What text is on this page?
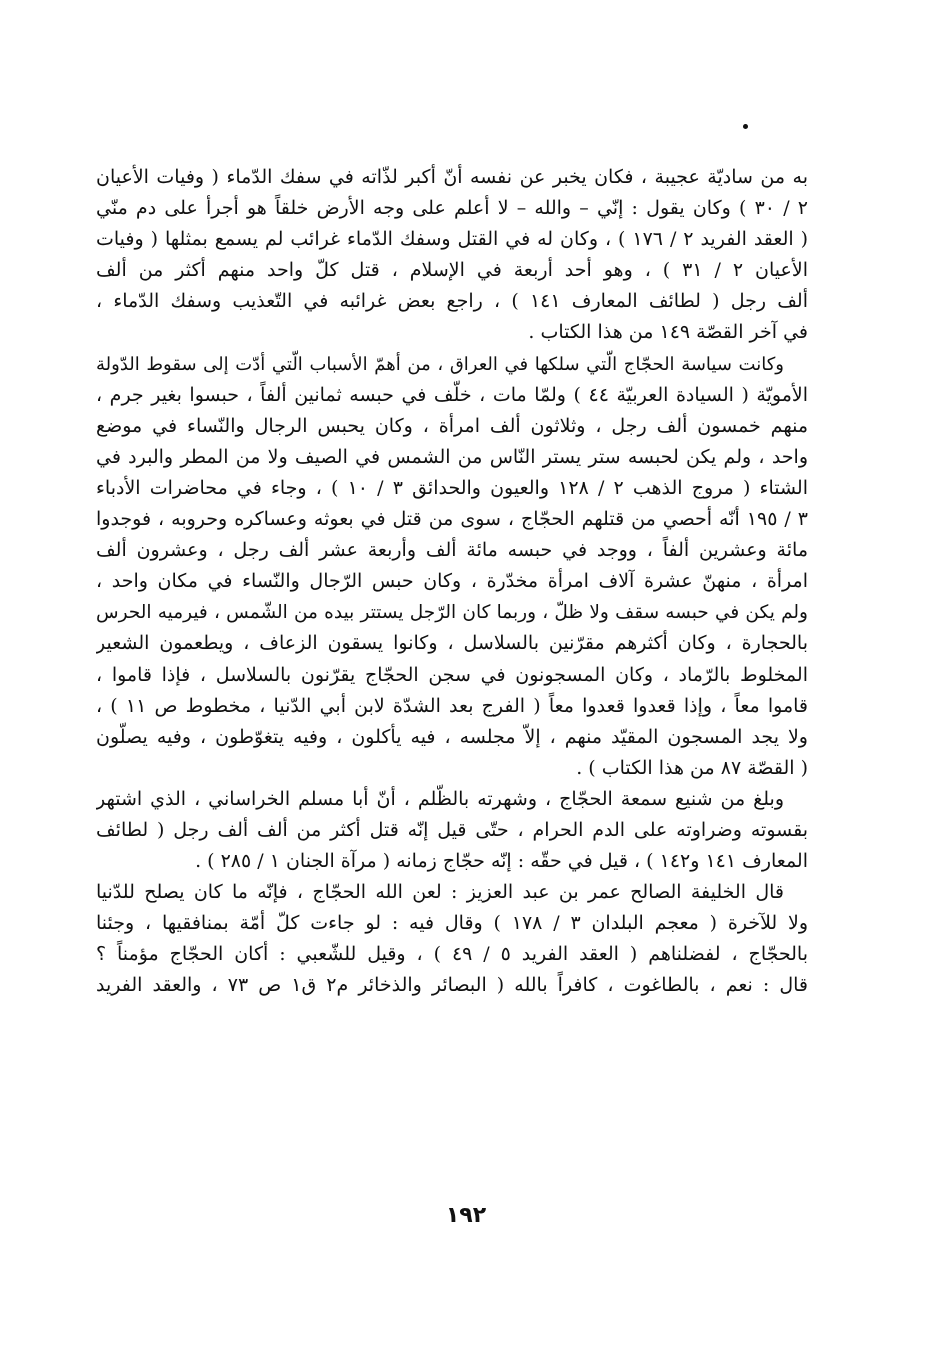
به من ساديّة عجيبة ، فكان يخبر عن نفسه أنّ أكبر لذّاته في سفك الدّماء ( وفيات الأعيان
٢ / ٣٠ ) وكان يقول : إنّي – والله – لا أعلم على وجه الأرض خلقاً هو أجرأ على دم منّي
( العقد الفريد ٢ / ١٧٦ ) ، وكان له في القتل وسفك الدّماء غرائب لم يسمع بمثلها ( وفيات
الأعيان ٢ / ٣١ ) ، وهو أحد أربعة في الإسلام ، قتل كلّ واحد منهم أكثر من ألف
ألف رجل ( لطائف المعارف ١٤١ ) ، راجع بعض غرائبه في التّعذيب وسفك الدّماء ،
في آخر القصّة ١٤٩ من هذا الكتاب .
وكانت سياسة الحجّاج الّتي سلكها في العراق ، من أهمّ الأسباب الّتي أدّت إلى سقوط الدّولة
الأمويّة ( السيادة العربيّة ٤٤ ) ولمّا مات ، خلّف في حبسه ثمانين ألفاً ، حبسوا بغير جرم ،
منهم خمسون ألف رجل ، وثلاثون ألف امرأة ، وكان يحبس الرجال والنّساء في موضع
واحد ، ولم يكن لحبسه ستر يستر النّاس من الشمس في الصيف ولا من المطر والبرد في
الشتاء ( مروج الذهب ٢ / ١٢٨ والعيون والحدائق ٣ / ١٠ ) ، وجاء في محاضرات الأدباء
٣ / ١٩٥ أنّه أحصي من قتلهم الحجّاج ، سوى من قتل في بعوثه وعساكره وحروبه ، فوجدوا
مائة وعشرين ألفاً ، ووجد في حبسه مائة ألف وأربعة عشر ألف رجل ، وعشرون ألف
امرأة ، منهنّ عشرة آلاف امرأة مخدّرة ، وكان حبس الرّجال والنّساء في مكان واحد ،
ولم يكن في حبسه سقف ولا ظلّ ، وربما كان الرّجل يستتر بيده من الشّمس ، فيرميه الحرس
بالحجارة ، وكان أكثرهم مقرّنين بالسلاسل ، وكانوا يسقون الزعاف ، ويطعمون الشعير
المخلوط بالرّماد ، وكان المسجونون في سجن الحجّاج يقرّنون بالسلاسل ، فإذا قاموا ،
قاموا معاً ، وإذا قعدوا قعدوا معاً ( الفرج بعد الشدّة لابن أبي الدّنيا ، مخطوط ص ١١ ) ،
ولا يجد المسجون المقيّد منهم ، إلاّ مجلسه ، فيه يأكلون ، وفيه يتغوّطون ، وفيه يصلّون
( القصّة ٨٧ من هذا الكتاب ) .
وبلغ من شنيع سمعة الحجّاج ، وشهرته بالظّلم ، أنّ أبا مسلم الخراساني ، الذي اشتهر
بقسوته وضراوته على الدم الحرام ، حتّى قيل إنّه قتل أكثر من ألف ألف رجل ( لطائف
المعارف ١٤١ و١٤٢ ) ، قيل في حقّه : إنّه حجّاج زمانه ( مرآة الجنان ١ / ٢٨٥ ) .
قال الخليفة الصالح عمر بن عبد العزيز : لعن الله الحجّاج ، فإنّه ما كان يصلح للدّنيا
ولا للآخرة ( معجم البلدان ٣ / ١٧٨ ) وقال فيه : لو جاءت كلّ أمّة بمنافقيها ، وجئنا
بالحجّاج ، لفضلناهم ( العقد الفريد ٥ / ٤٩ ) ، وقيل للشّعبي : أكان الحجّاج مؤمناً ؟
قال : نعم ، بالطاغوت ، كافراً بالله ( البصائر والذخائر م٢ ق١ ص ٧٣ ، والعقد الفريد
١٩٢
